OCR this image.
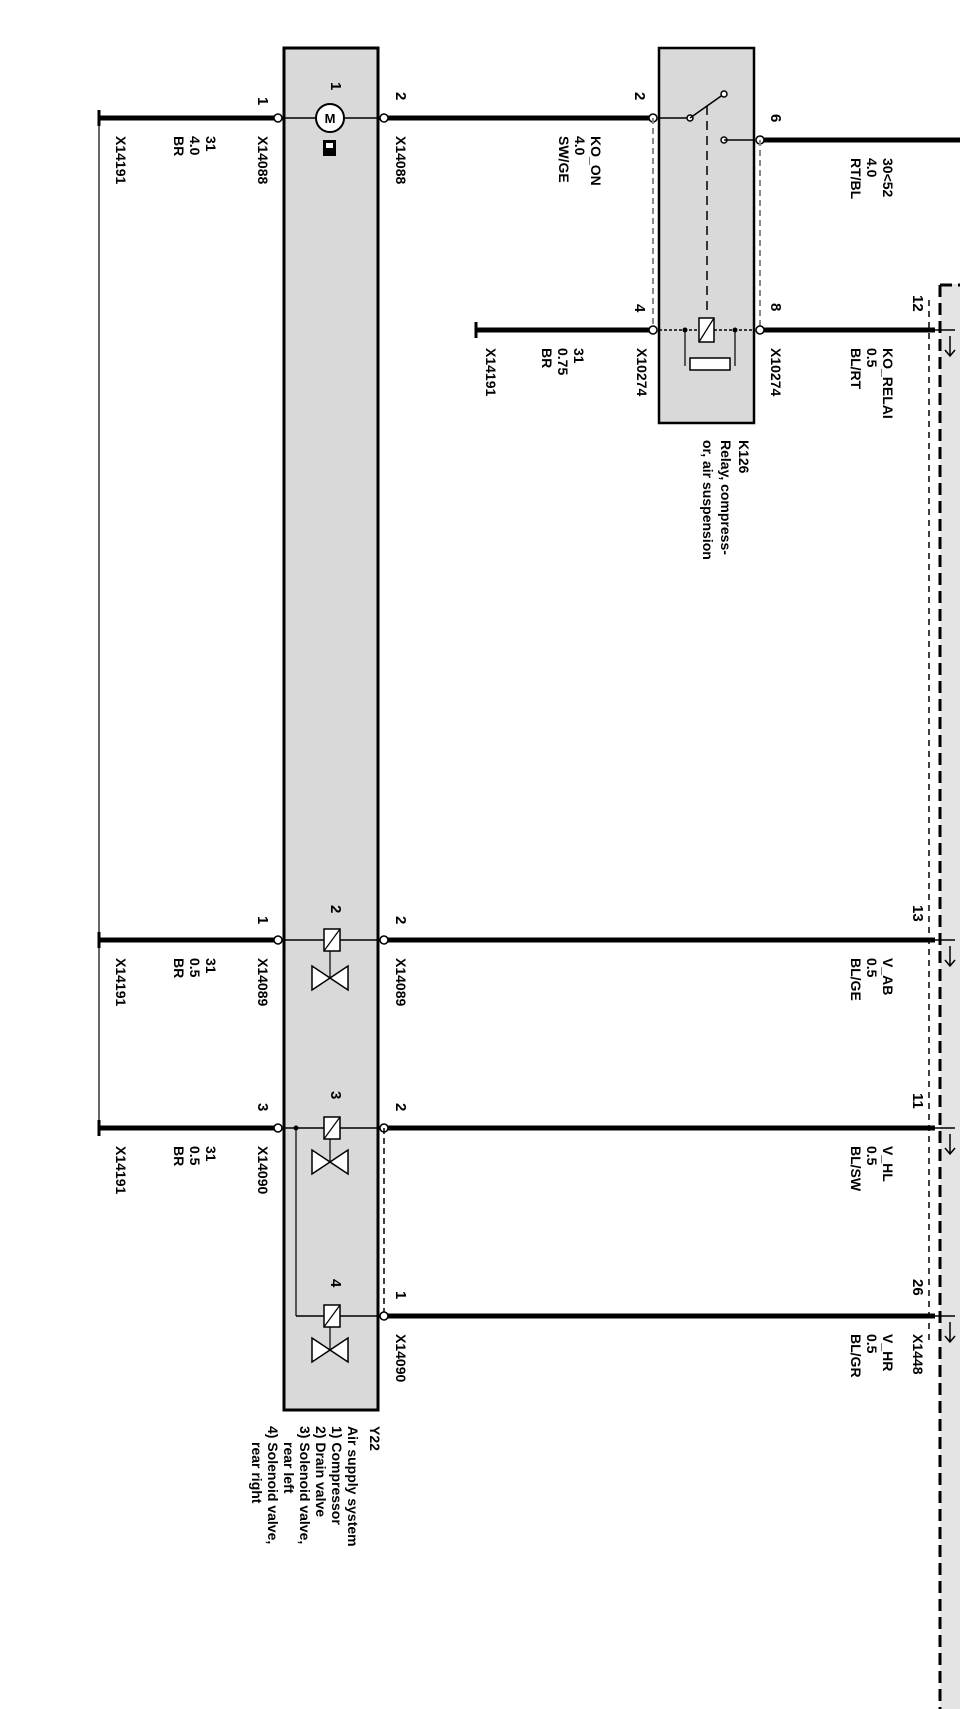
M
1
2
1
2
6
4	8	12
1	2
2	13
3	2
3	11
1
4	26
X14191	X14088	X14088
X14191	X10274	X10274
X14191	X14089	X14089
X14191	X14090
X14090	X1448
31
4.0
BR	KO_ON
4.0
SW/GE	30<52
4.0
RT/BL
31
0.75
BR	KO_RELAI
0.5
BL/RT
31
0.5
BR	V_AB
0.5
BL/GE
31
0.5
BR	V_HL
0.5
BL/SW
V_HR
0.5
BL/GR
K126
Relay, compress-
or, air suspension
Y22
Air supply system
1) Compressor
2) Drain valve
3) Solenoid valve,
rear left
4) Solenoid valve,
rear right
